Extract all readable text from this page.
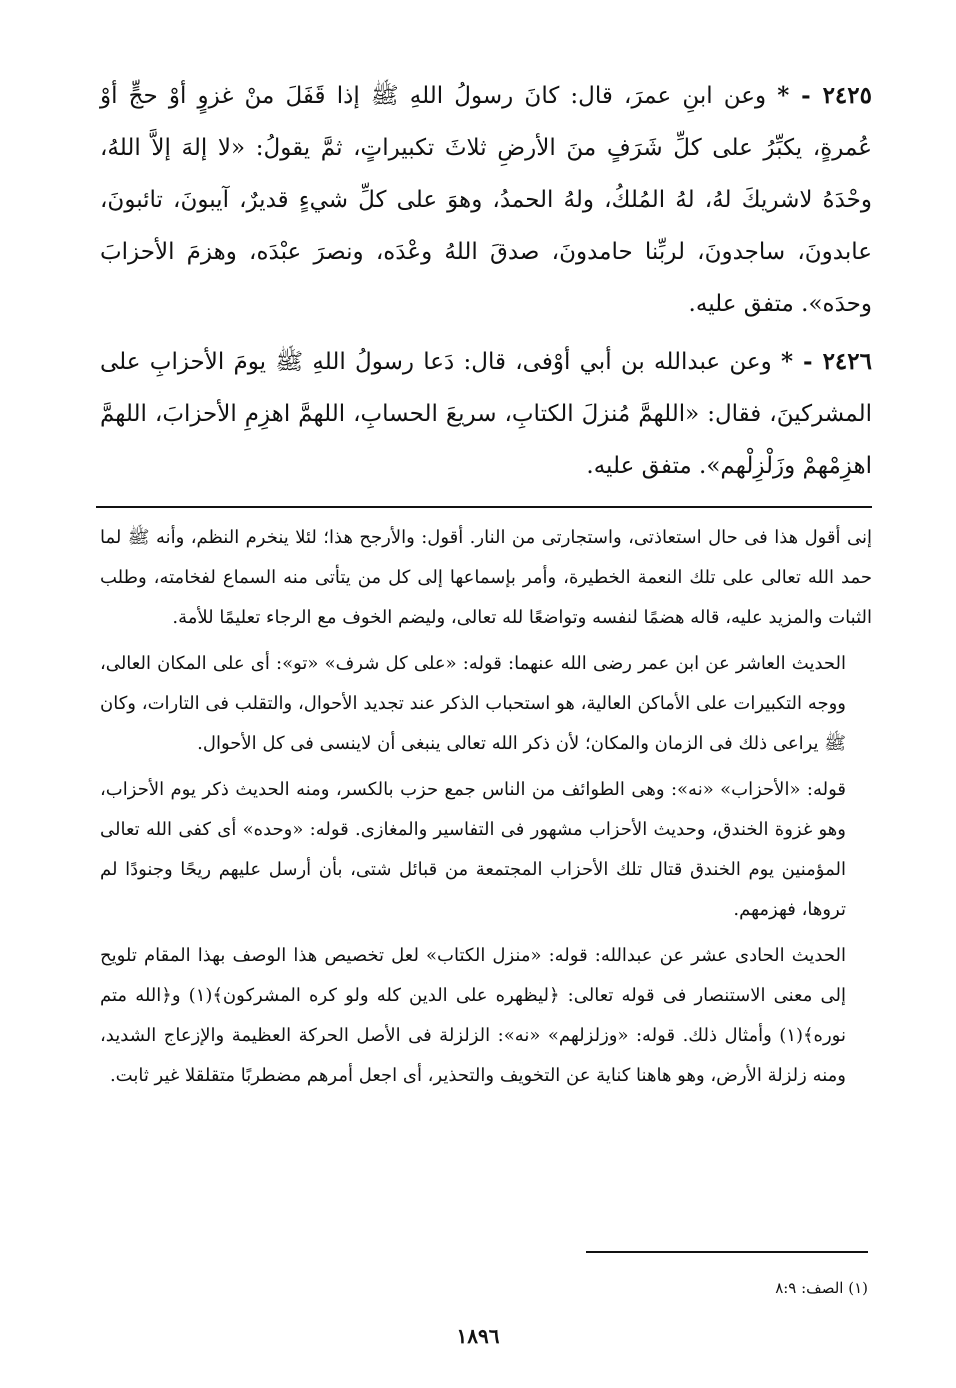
٢٤٢٥ - * وعن ابنِ عمرَ، قال: كانَ رسولُ اللهِ ﷺ إذا قَفَلَ منْ غزوٍ أوْ حجٍّ أوْ عُمرةٍ، يكبِّرُ على كلِّ شَرَفٍ منَ الأرضِ ثلاثَ تكبيراتٍ، ثمَّ يقولُ: «لا إلهَ إلاَّ اللهُ، وحْدَهُ لاشريكَ لهُ، لهُ المُلكُ، ولهُ الحمدُ، وهوَ على كلِّ شيءٍ قديرٌ، آيبونَ، تائبونَ، عابدونَ، ساجدونَ، لربِّنا حامدونَ، صدقَ اللهُ وعْدَه، ونصرَ عبْدَه، وهزمَ الأحزابَ وحدَه». متفق عليه.

٢٤٢٦ - * وعن عبدالله بن أبي أوْفى، قال: دَعا رسولُ اللهِ ﷺ يومَ الأحزابِ على المشركينَ، فقال: «اللهمَّ مُنزلَ الكتابِ، سريعَ الحسابِ، اللهمَّ اهزِمِ الأحزابَ، اللهمَّ اهزِمْهمْ وزَلْزِلْهم». متفق عليه.

إنى أقول هذا فى حال استعاذتى، واستجارتى من النار. أقول: والأرجح هذا؛ لئلا ينخرم النظم، وأنه ﷺ لما حمد الله تعالى على تلك النعمة الخطيرة، وأمر بإسماعها إلى كل من يتأتى منه السماع لفخامته، وطلب الثبات والمزيد عليه، قاله هضمًا لنفسه وتواضعًا لله تعالى، وليضم الخوف مع الرجاء تعليمًا للأمة.

الحديث العاشر عن ابن عمر رضى الله عنهما: قوله: «على كل شرف» «تو»: أى على المكان العالى، ووجه التكبيرات على الأماكن العالية، هو استحباب الذكر عند تجديد الأحوال، والتقلب فى التارات، وكان ﷺ يراعى ذلك فى الزمان والمكان؛ لأن ذكر الله تعالى ينبغى أن لاينسى فى كل الأحوال.

قوله: «الأحزاب» «نه»: وهى الطوائف من الناس جمع حزب بالكسر، ومنه الحديث ذكر يوم الأحزاب، وهو غزوة الخندق، وحديث الأحزاب مشهور فى التفاسير والمغازى. قوله: «وحده» أى كفى الله تعالى المؤمنين يوم الخندق قتال تلك الأحزاب المجتمعة من قبائل شتى، بأن أرسل عليهم ريحًا وجنودًا لم تروها، فهزمهم.

الحديث الحادى عشر عن عبدالله: قوله: «منزل الكتاب» لعل تخصيص هذا الوصف بهذا المقام تلويح إلى معنى الاستنصار فى قوله تعالى: ﴿ليظهره على الدين كله ولو كره المشركون﴾(١) و﴿الله متم نوره﴾(١) وأمثال ذلك. قوله: «وزلزلهم» «نه»: الزلزلة فى الأصل الحركة العظيمة والإزعاج الشديد، ومنه زلزلة الأرض، وهو هاهنا كناية عن التخويف والتحذير، أى اجعل أمرهم مضطربًا متقلقلا غير ثابت.

(١) الصف: ٨:٩
١٨٩٦
